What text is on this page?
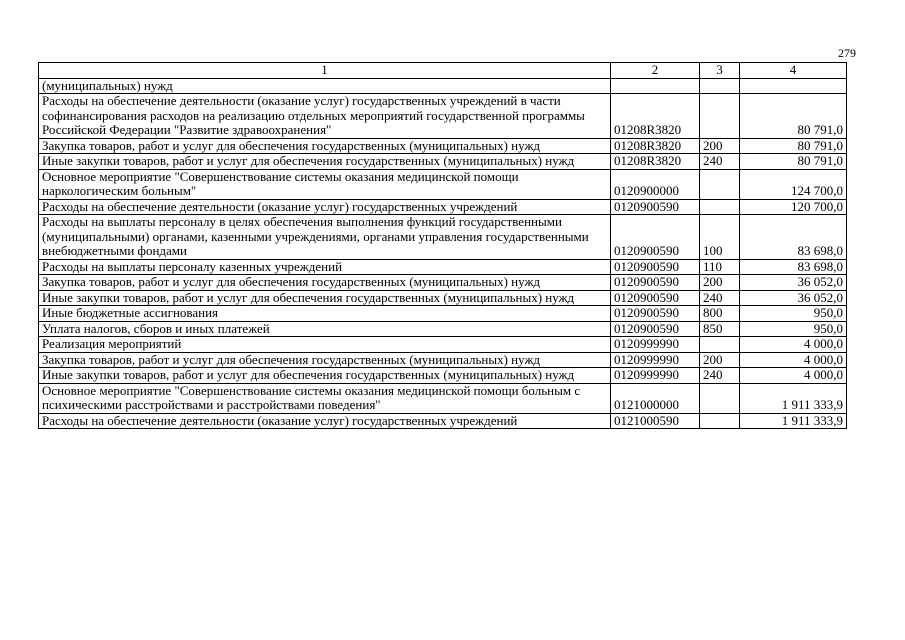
279
1	2	3	4
(муниципальных) нужд			
Расходы на обеспечение деятельности (оказание услуг) государственных учреждений в части софинансирования расходов на реализацию отдельных мероприятий государственной программы Российской Федерации "Развитие здравоохранения"	01208R3820		80 791,0
Закупка товаров, работ и услуг для обеспечения государственных (муниципальных) нужд	01208R3820	200	80 791,0
Иные закупки товаров, работ и услуг для обеспечения государственных (муниципальных) нужд	01208R3820	240	80 791,0
Основное мероприятие "Совершенствование системы оказания медицинской помощи наркологическим больным"	0120900000		124 700,0
Расходы на обеспечение деятельности (оказание услуг) государственных учреждений	0120900590		120 700,0
Расходы на выплаты персоналу в целях обеспечения выполнения функций государственными (муниципальными) органами, казенными учреждениями, органами управления государственными внебюджетными фондами	0120900590	100	83 698,0
Расходы на выплаты персоналу казенных учреждений	0120900590	110	83 698,0
Закупка товаров, работ и услуг для обеспечения государственных (муниципальных) нужд	0120900590	200	36 052,0
Иные закупки товаров, работ и услуг для обеспечения государственных (муниципальных) нужд	0120900590	240	36 052,0
Иные бюджетные ассигнования	0120900590	800	950,0
Уплата налогов, сборов и иных платежей	0120900590	850	950,0
Реализация мероприятий	0120999990		4 000,0
Закупка товаров, работ и услуг для обеспечения государственных (муниципальных) нужд	0120999990	200	4 000,0
Иные закупки товаров, работ и услуг для обеспечения государственных (муниципальных) нужд	0120999990	240	4 000,0
Основное мероприятие "Совершенствование системы оказания медицинской помощи больным с психическими расстройствами и расстройствами поведения"	0121000000		1 911 333,9
Расходы на обеспечение деятельности (оказание услуг) государственных учреждений	0121000590		1 911 333,9
